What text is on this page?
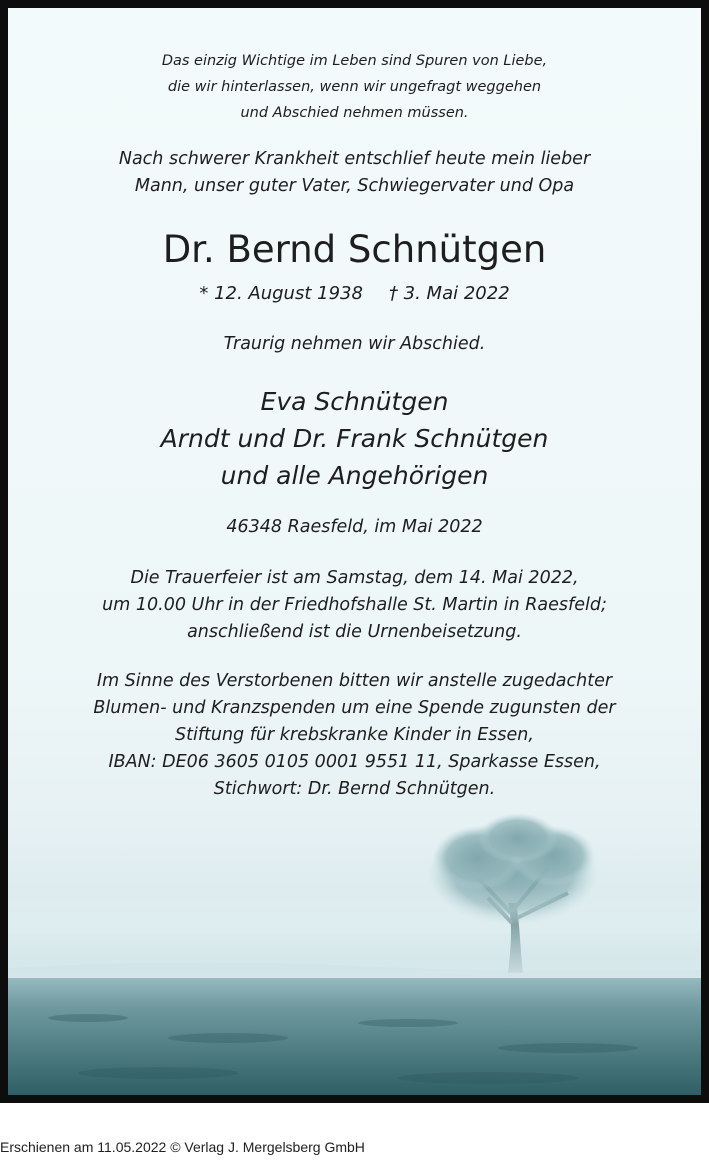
Das einzig Wichtige im Leben sind Spuren von Liebe,
die wir hinterlassen, wenn wir ungefragt weggehen
und Abschied nehmen müssen.
Nach schwerer Krankheit entschlief heute mein lieber
Mann, unser guter Vater, Schwiegervater und Opa
Dr. Bernd Schnütgen
* 12. August 1938 † 3. Mai 2022
Traurig nehmen wir Abschied.
Eva Schnütgen
Arndt und Dr. Frank Schnütgen
und alle Angehörigen
46348 Raesfeld, im Mai 2022
Die Trauerfeier ist am Samstag, dem 14. Mai 2022,
um 10.00 Uhr in der Friedhofshalle St. Martin in Raesfeld;
anschließend ist die Urnenbeisetzung.
Im Sinne des Verstorbenen bitten wir anstelle zugedachter
Blumen- und Kranzspenden um eine Spende zugunsten der
Stiftung für krebskranke Kinder in Essen,
IBAN: DE06 3605 0105 0001 9551 11, Sparkasse Essen,
Stichwort: Dr. Bernd Schnütgen.
Erschienen am 11.05.2022 © Verlag J. Mergelsberg GmbH
